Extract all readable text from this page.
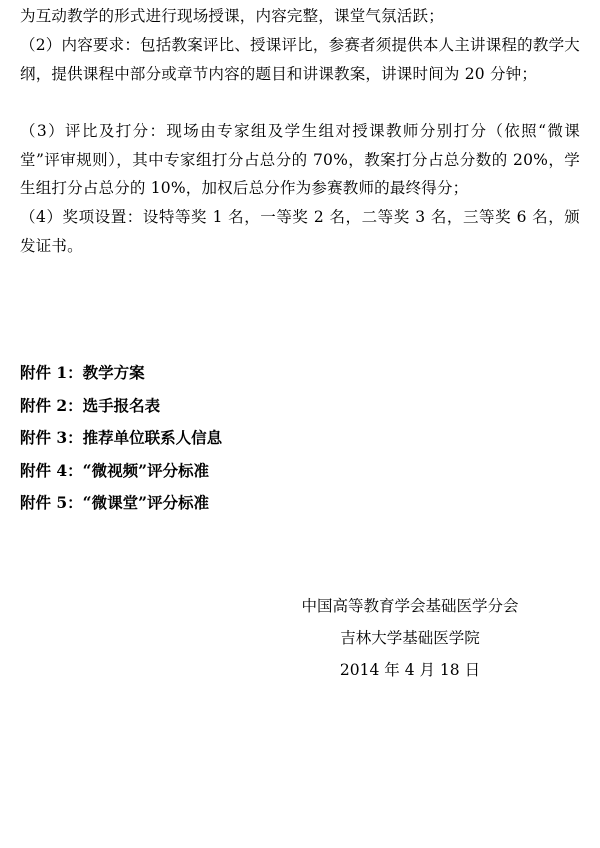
为互动教学的形式进行现场授课，内容完整，课堂气氛活跃；
（2）内容要求：包括教案评比、授课评比，参赛者须提供本人主讲课程的教学大纲，提供课程中部分或章节内容的题目和讲课教案，讲课时间为 20 分钟；
（3）评比及打分：现场由专家组及学生组对授课教师分别打分（依照“微课堂”评审规则），其中专家组打分占总分的 70%，教案打分占总分数的 20%，学生组打分占总分的 10%，加权后总分作为参赛教师的最终得分；
（4）奖项设置：设特等奖 1 名，一等奖 2 名，二等奖 3 名，三等奖 6 名，颁发证书。
附件 1：教学方案
附件 2：选手报名表
附件 3：推荐单位联系人信息
附件 4：“微视频”评分标准
附件 5：“微课堂”评分标准
中国高等教育学会基础医学分会
吉林大学基础医学院
2014 年 4 月 18 日
